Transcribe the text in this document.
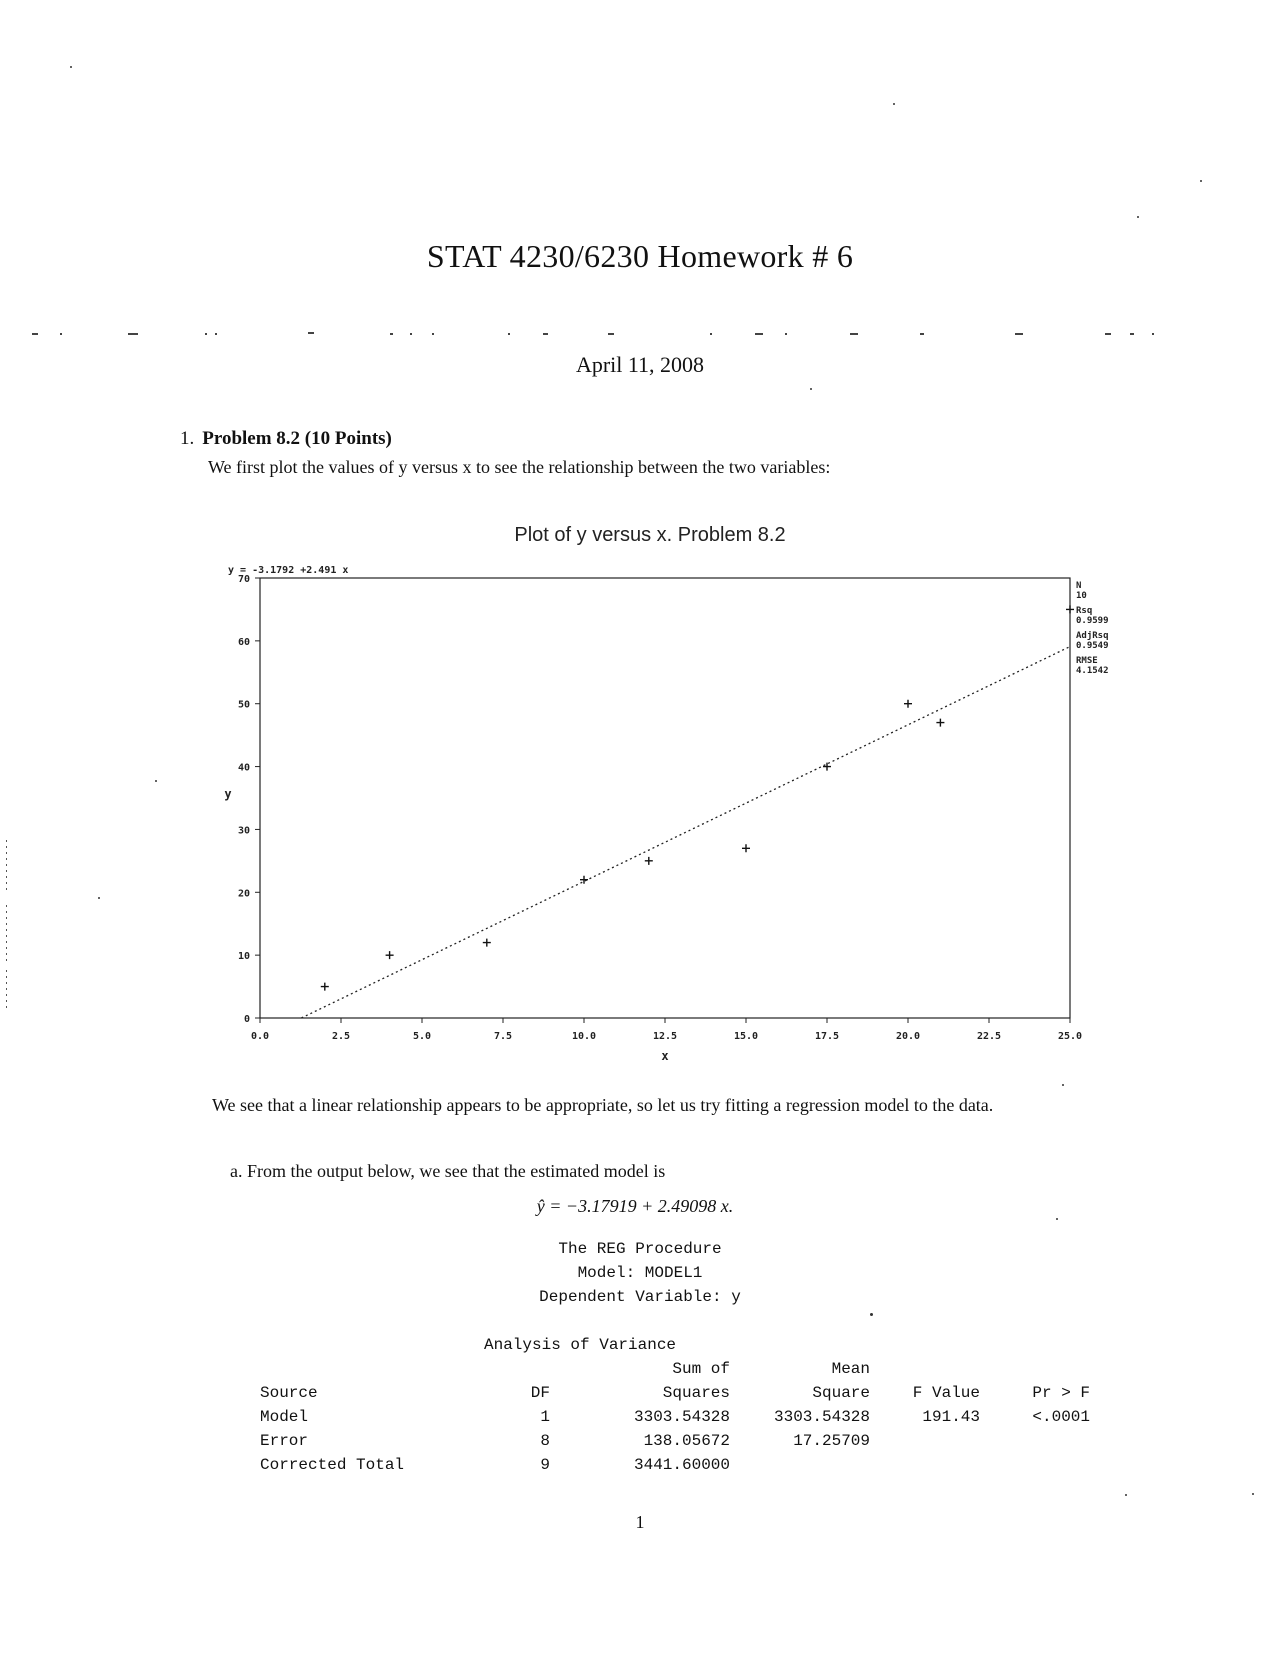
STAT 4230/6230 Homework # 6
April 11, 2008
1. Problem 8.2 (10 Points)
We first plot the values of y versus x to see the relationship between the two variables:
Plot of y versus x. Problem 8.2
0.0	2.5	5.0	7.5	10.0	12.5	15.0	17.5	20.0	22.5	25.0
0
10
20
30
40
50
60
70
x
y
y = -3.1792 +2.491 x
N
10
Rsq
0.9599
AdjRsq
0.9549
RMSE
4.1542
We see that a linear relationship appears to be appropriate, so let us try fitting a regression model to the data.
a. From the output below, we see that the estimated model is
ŷ = −3.17919 + 2.49098 x.
The REG Procedure
Model: MODEL1
Dependent Variable: y
Analysis of Variance
Sum of	Mean
Source	DF	Squares	Square	F Value	Pr > F
Model	1	3303.54328	3303.54328	191.43	<.0001
Error	8	138.05672	17.25709
Corrected Total	9	3441.60000
1
